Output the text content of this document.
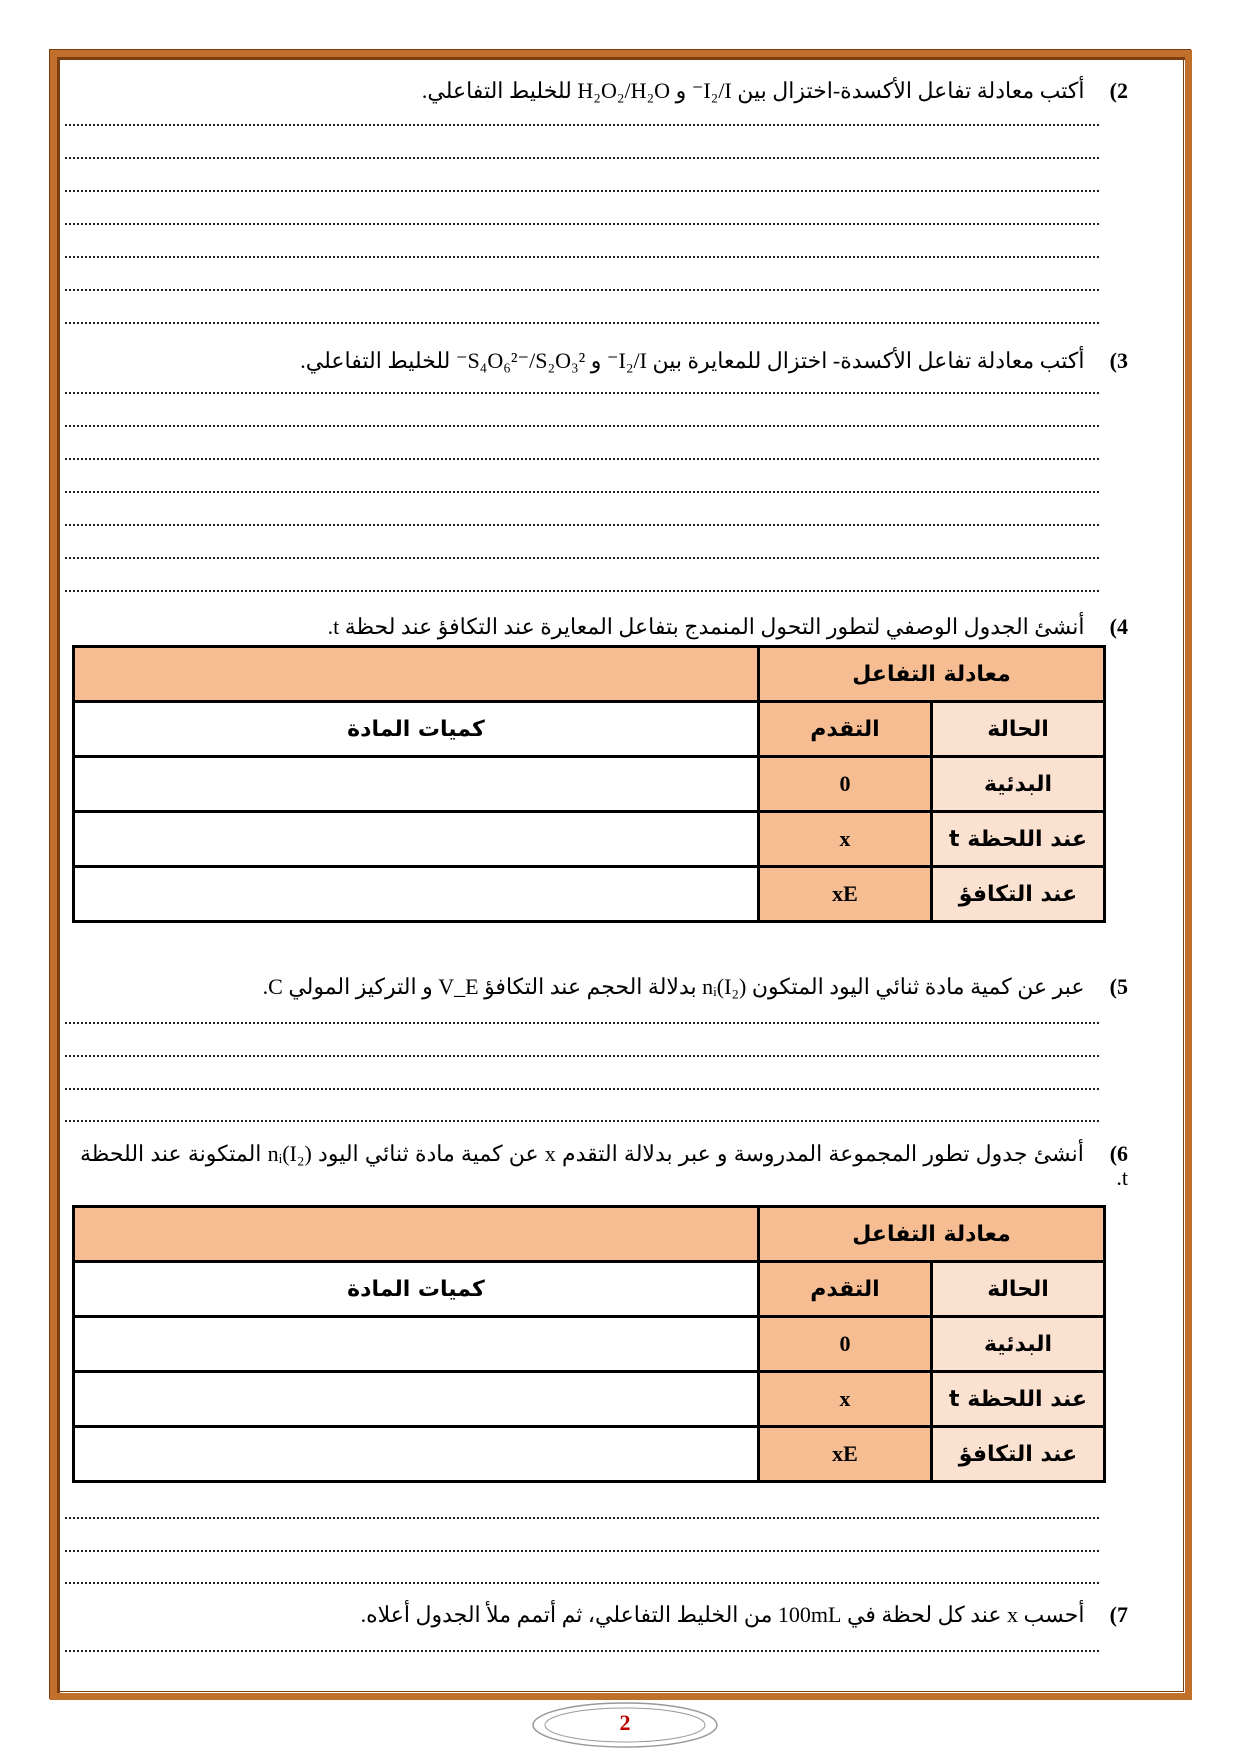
2) أكتب معادلة تفاعل الأكسدة-اختزال بين I₂/I⁻ و H₂O₂/H₂O للخليط التفاعلي.
3) أكتب معادلة تفاعل الأكسدة- اختزال للمعايرة بين I₂/I⁻ و S₄O₆²⁻/S₂O₃²⁻ للخليط التفاعلي.
4) أنشئ الجدول الوصفي لتطور التحول المنمدج بتفاعل المعايرة عند التكافؤ عند لحظة t.
معادلة التفاعل		
الحالة	التقدم	كميات المادة
البدئية	0	
عند اللحظة t	x	
عند التكافؤ	xE	
5) عبر عن كمية مادة ثنائي اليود المتكون nᵢ(I₂) بدلالة الحجم عند التكافؤ V_E و التركيز المولي C.
6) أنشئ جدول تطور المجموعة المدروسة و عبر بدلالة التقدم x عن كمية مادة ثنائي اليود nᵢ(I₂) المتكونة عند اللحظة t.
معادلة التفاعل		
الحالة	التقدم	كميات المادة
البدئية	0	
عند اللحظة t	x	
عند التكافؤ	xE	
7) أحسب x عند كل لحظة في 100mL من الخليط التفاعلي، ثم أتمم ملأ الجدول أعلاه.
2
